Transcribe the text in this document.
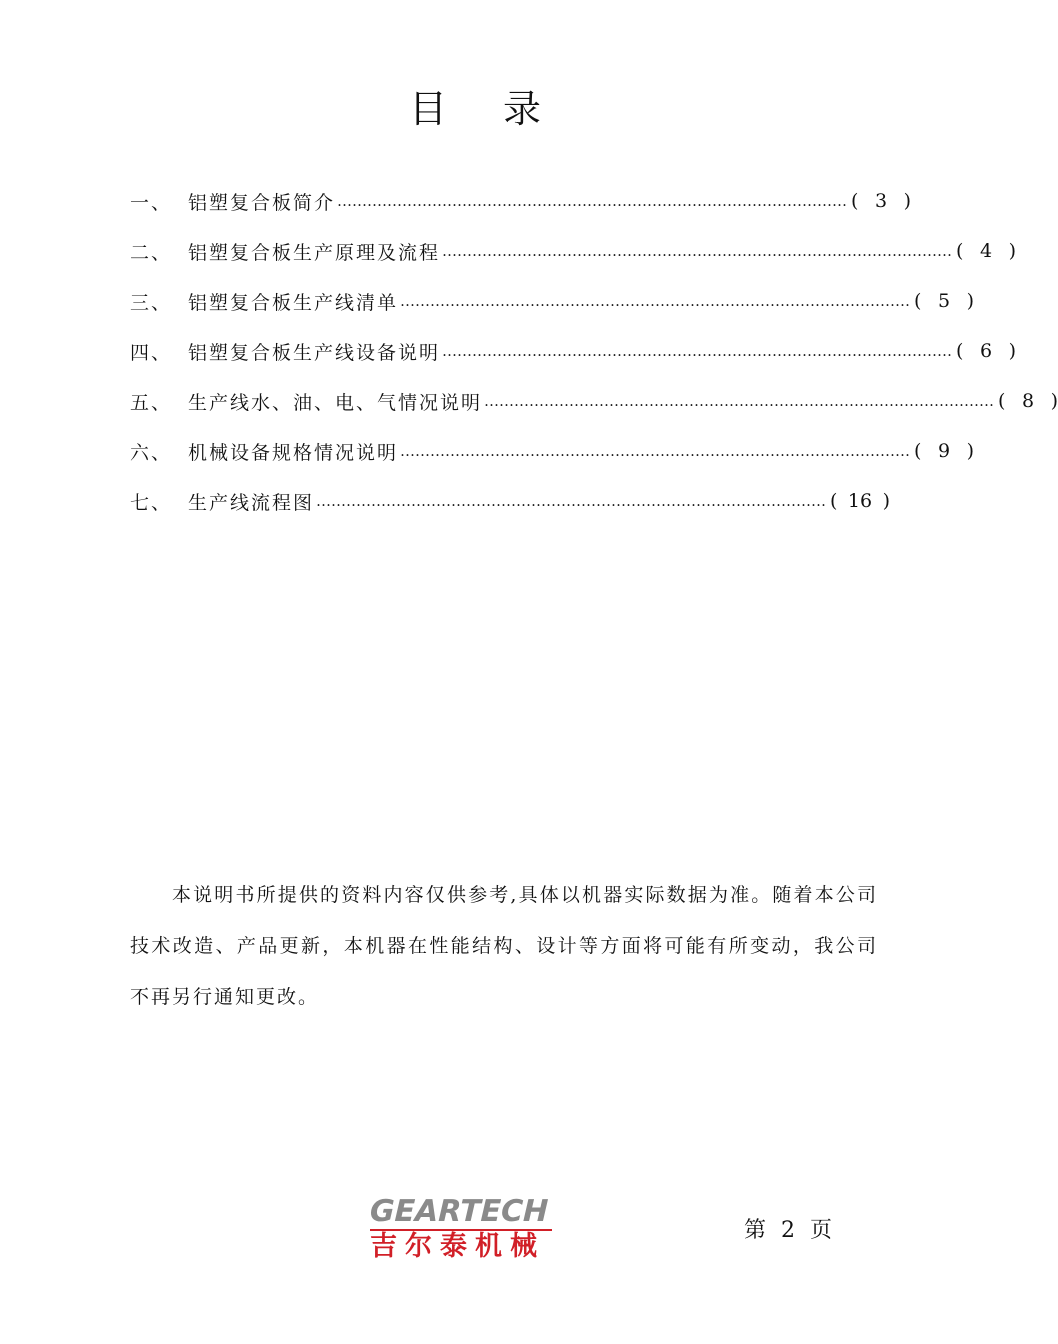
目 录
一、 铝塑复合板简介 ………………………………………………………………………………………… ( 3 )
二、 铝塑复合板生产原理及流程 ………………………………………………………………………………………… ( 4 )
三、 铝塑复合板生产线清单 ………………………………………………………………………………………… ( 5 )
四、 铝塑复合板生产线设备说明 ………………………………………………………………………………………… ( 6 )
五、 生产线水、油、电、气情况说明 ………………………………………………………………………………………… ( 8 )
六、 机械设备规格情况说明 ………………………………………………………………………………………… ( 9 )
七、 生产线流程图 ………………………………………………………………………………………… ( 16 )

本说明书所提供的资料内容仅供参考,具体以机器实际数据为准。随着本公司技术改造、产品更新，本机器在性能结构、设计等方面将可能有所变动，我公司不再另行通知更改。

GEARTECH
吉尔泰机械
第 2 页
